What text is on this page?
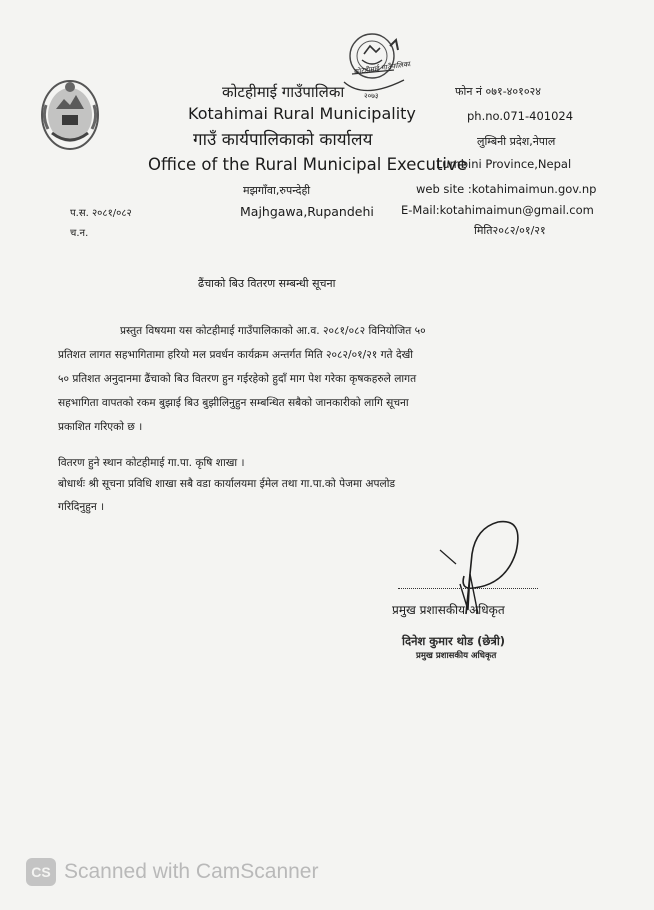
कोटहीमाई गाउँपालिका
२०७३
कोटहीमाई गाउँपालिका
Kotahimai Rural Municipality
गाउँ कार्यपालिकाको कार्यालय
Office of the Rural Municipal Executive
मझगाँवा,रुपन्देही
Majhgawa,Rupandehi
फोन नं ०७१-४०१०२४
ph.no.071-401024
लुम्बिनी प्रदेश,नेपाल
Lumbini Province,Nepal
web site :kotahimaimun.gov.np
E-Mail:kotahimaimun@gmail.com
मिति२०८२/०१/२१
प.स. २०८१/०८२
च.न.
ढैंचाको बिउ वितरण सम्बन्धी सूचना
प्रस्तुत विषयमा यस कोटहीमाई गाउँपालिकाको आ.व. २०८१/०८२ विनियोजित ५०
प्रतिशत लागत सहभागितामा हरियो मल प्रवर्धन कार्यक्रम अन्तर्गत मिति २०८२/०१/२१ गते देखी
५० प्रतिशत अनुदानमा ढैंचाको बिउ वितरण हुन गईरहेको हुदाँ माग पेश गरेका कृषकहरुले लागत
सहभागिता वापतको रकम बुझाई बिउ बुझीलिनुहुन सम्बन्धित सबैको जानकारीको लागि सूचना
प्रकाशित गरिएको छ ।
वितरण हुने स्थान कोटहीमाई गा.पा. कृषि शाखा ।
बोधार्थः श्री सूचना प्रविधि शाखा सबै वडा कार्यालयमा ईमेल तथा गा.पा.को पेजमा अपलोड
गरिदिनुहुन ।
प्रमुख प्रशासकीय अधिकृत
दिनेश कुमार थोड (छेत्री)
प्रमुख प्रशासकीय अधिकृत
CS Scanned with CamScanner
